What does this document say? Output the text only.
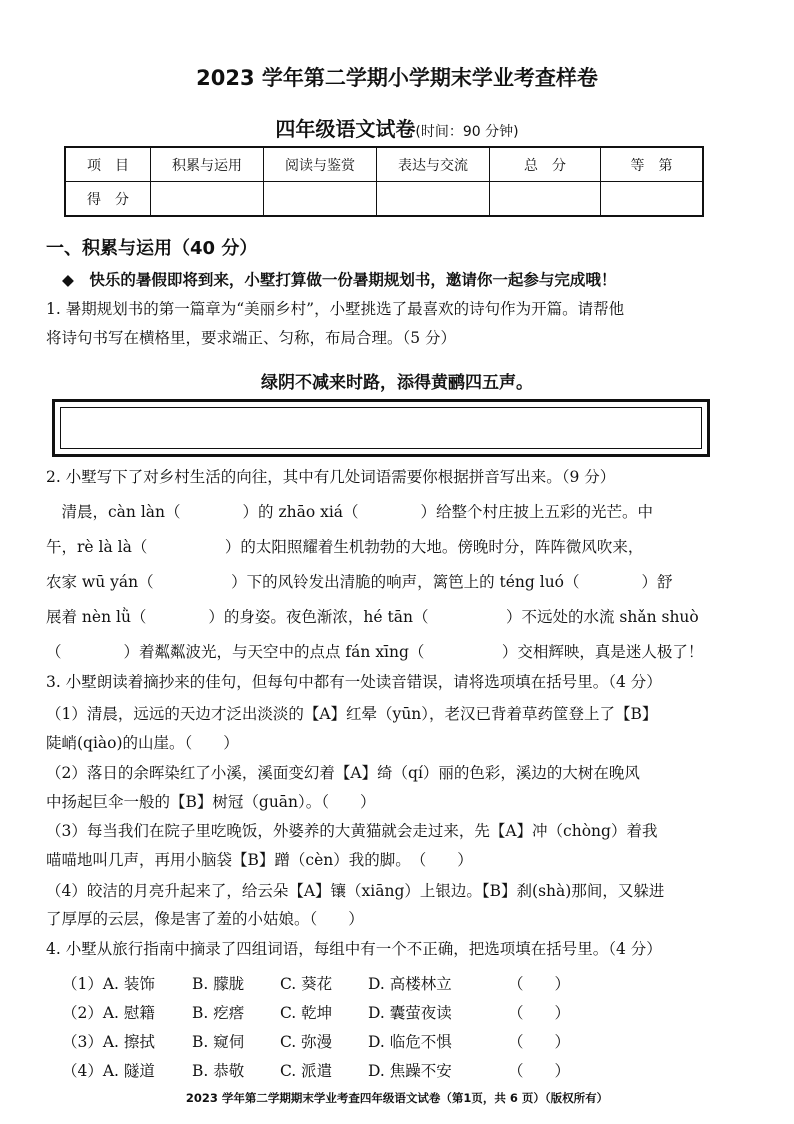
2023 学年第二学期小学期末学业考查样卷
四年级语文试卷(时间：90 分钟)
项　目	积累与运用	阅读与鉴赏	表达与交流	总　分	等　第
得　分					
一、积累与运用（40 分）
◆　快乐的暑假即将到来，小墅打算做一份暑期规划书，邀请你一起参与完成哦！
1. 暑期规划书的第一篇章为“美丽乡村”，小墅挑选了最喜欢的诗句作为开篇。请帮他
将诗句书写在横格里，要求端正、匀称，布局合理。（5 分）
绿阴不减来时路，添得黄鹂四五声。
2. 小墅写下了对乡村生活的向往，其中有几处词语需要你根据拼音写出来。（9 分）
　清晨，càn làn（　　　　）的 zhāo xiá（　　　　）给整个村庄披上五彩的光芒。中
午，rè là là（　　　　　）的太阳照耀着生机勃勃的大地。傍晚时分，阵阵微风吹来，
农家 wū yán（　　　　　）下的风铃发出清脆的响声，篱笆上的 téng luó（　　　　）舒
展着 nèn lǜ（　　　　）的身姿。夜色渐浓，hé tān（　　　　　）不远处的水流 shǎn shuò
（　　　　）着粼粼波光，与天空中的点点 fán xīng（　　　　　）交相辉映，真是迷人极了！
3. 小墅朗读着摘抄来的佳句，但每句中都有一处读音错误，请将选项填在括号里。（4 分）
（1）清晨，远远的天边才泛出淡淡的【A】红晕（yūn），老汉已背着草药筐登上了【B】
陡峭(qiào)的山崖。（　　）
（2）落日的余晖染红了小溪，溪面变幻着【A】绮（qí）丽的色彩，溪边的大树在晚风
中扬起巨伞一般的【B】树冠（guān）。（　　）
（3）每当我们在院子里吃晚饭，外婆养的大黄猫就会走过来，先【A】冲（chòng）着我
喵喵地叫几声，再用小脑袋【B】蹭（cèn）我的脚。　（　　）
（4）皎洁的月亮升起来了，给云朵【A】镶（xiāng）上银边。【B】刹(shà)那间，又躲进
了厚厚的云层，像是害了羞的小姑娘。（　　）
4. 小墅从旅行指南中摘录了四组词语，每组中有一个不正确，把选项填在括号里。（4 分）
（1）A. 装饰 B. 朦胧 C. 葵花 D. 高楼林立	（　　）
（2）A. 慰籍 B. 疙瘩 C. 乾坤 D. 囊萤夜读	（　　）
（3）A. 擦拭 B. 窥伺 C. 弥漫 D. 临危不惧	（　　）
（4）A. 隧道 B. 恭敬 C. 派遣 D. 焦躁不安	（　　）
2023 学年第二学期期末学业考查四年级语文试卷（第1页，共 6 页）（版权所有）
